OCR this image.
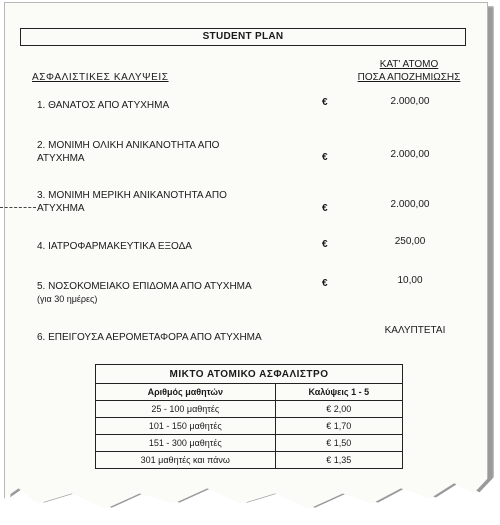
STUDENT PLAN
ΑΣΦΑΛΙΣΤΙΚΕΣ ΚΑΛΥΨΕΙΣ
ΚΑΤ' ΑΤΟΜΟ
ΠΟΣΑ ΑΠΟΖΗΜΙΩΣΗΣ
1. ΘΑΝΑΤΟΣ ΑΠΟ ΑΤΥΧΗΜΑ	€	2.000,00
2. ΜΟΝΙΜΗ ΟΛΙΚΗ ΑΝΙΚΑΝΟΤΗΤΑ ΑΠΟ
ΑΤΥΧΗΜΑ	€	2.000,00
3. ΜΟΝΙΜΗ ΜΕΡΙΚΗ ΑΝΙΚΑΝΟΤΗΤΑ ΑΠΟ
ΑΤΥΧΗΜΑ	€	2.000,00
4. ΙΑΤΡΟΦΑΡΜΑΚΕΥΤΙΚΑ ΕΞΟΔΑ	€	250,00
5. ΝΟΣΟΚΟΜΕΙΑΚΟ ΕΠΙΔΟΜΑ ΑΠΟ ΑΤΥΧΗΜΑ
(για 30 ημέρες)
€	10,00
6. ΕΠΕΙΓΟΥΣΑ ΑΕΡΟΜΕΤΑΦΟΡΑ ΑΠΟ ΑΤΥΧΗΜΑ
ΚΑΛΥΠΤΕΤΑΙ
ΜΙΚΤΟ ΑΤΟΜΙΚΟ ΑΣΦΑΛΙΣΤΡΟ	
Αριθμός μαθητών	Καλύψεις 1 - 5
25 - 100 μαθητές	€ 2,00
101 - 150 μαθητές	€ 1,70
151 - 300 μαθητές	€ 1,50
301 μαθητές και πάνω	€ 1,35
